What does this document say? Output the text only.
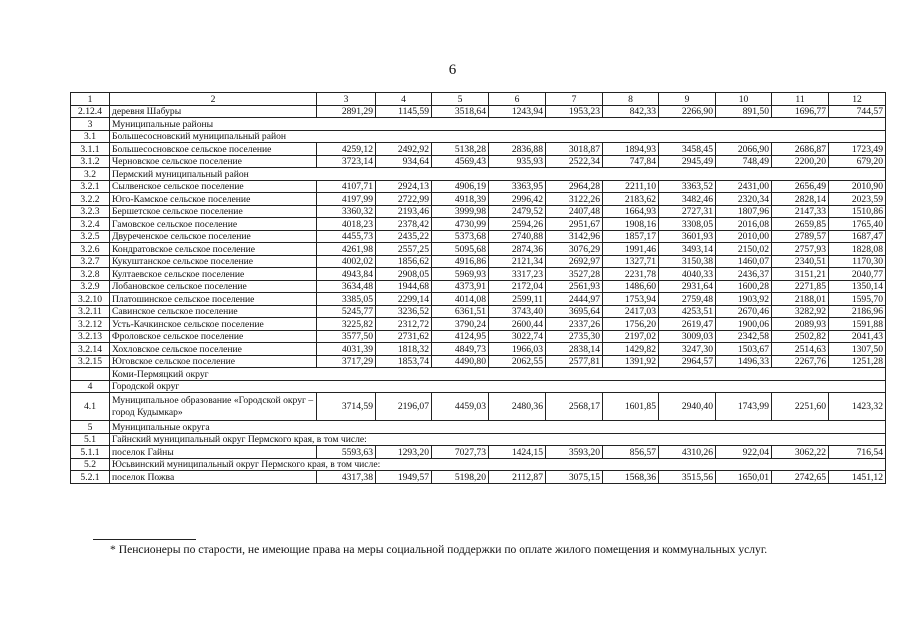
6
1	2	3	4	5	6	7	8	9	10	11	12
2.12.4	деревня Шабуры	2891,29	1145,59	3518,64	1243,94	1953,23	842,33	2266,90	891,50	1696,77	744,57
3	Муниципальные районы										
3.1	Большесосновский муниципальный район										
3.1.1	Большесосновское сельское поселение	4259,12	2492,92	5138,28	2836,88	3018,87	1894,93	3458,45	2066,90	2686,87	1723,49
3.1.2	Черновское сельское поселение	3723,14	934,64	4569,43	935,93	2522,34	747,84	2945,49	748,49	2200,20	679,20
3.2	Пермский муниципальный район										
3.2.1	Сылвенское сельское поселение	4107,71	2924,13	4906,19	3363,95	2964,28	2211,10	3363,52	2431,00	2656,49	2010,90
3.2.2	Юго-Камское сельское поселение	4197,99	2722,99	4918,39	2996,42	3122,26	2183,62	3482,46	2320,34	2828,14	2023,59
3.2.3	Бершетское сельское поселение	3360,32	2193,46	3999,98	2479,52	2407,48	1664,93	2727,31	1807,96	2147,33	1510,86
3.2.4	Гамовское сельское поселение	4018,23	2378,42	4730,99	2594,26	2951,67	1908,16	3308,05	2016,08	2659,85	1765,40
3.2.5	Двуреченское сельское поселение	4455,73	2435,22	5373,68	2740,88	3142,96	1857,17	3601,93	2010,00	2789,57	1687,47
3.2.6	Кондратовское сельское поселение	4261,98	2557,25	5095,68	2874,36	3076,29	1991,46	3493,14	2150,02	2757,93	1828,08
3.2.7	Кукуштанское сельское поселение	4002,02	1856,62	4916,86	2121,34	2692,97	1327,71	3150,38	1460,07	2340,51	1170,30
3.2.8	Култаевское сельское поселение	4943,84	2908,05	5969,93	3317,23	3527,28	2231,78	4040,33	2436,37	3151,21	2040,77
3.2.9	Лобановское сельское поселение	3634,48	1944,68	4373,91	2172,04	2561,93	1486,60	2931,64	1600,28	2271,85	1350,14
3.2.10	Платошинское сельское поселение	3385,05	2299,14	4014,08	2599,11	2444,97	1753,94	2759,48	1903,92	2188,01	1595,70
3.2.11	Савинское сельское поселение	5245,77	3236,52	6361,51	3743,40	3695,64	2417,03	4253,51	2670,46	3282,92	2186,96
3.2.12	Усть-Качкинское сельское поселение	3225,82	2312,72	3790,24	2600,44	2337,26	1756,20	2619,47	1900,06	2089,93	1591,88
3.2.13	Фроловское сельское поселение	3577,50	2731,62	4124,95	3022,74	2735,30	2197,02	3009,03	2342,58	2502,82	2041,43
3.2.14	Хохловское сельское поселение	4031,39	1818,32	4849,73	1966,03	2838,14	1429,82	3247,30	1503,67	2514,63	1307,50
3.2.15	Юговское сельское поселение	3717,29	1853,74	4490,80	2062,55	2577,81	1391,92	2964,57	1496,33	2267,76	1251,28
	Коми-Пермяцкий округ										
4	Городской округ										
4.1	Муниципальное образование «Городской округ – город Кудымкар»	3714,59	2196,07	4459,03	2480,36	2568,17	1601,85	2940,40	1743,99	2251,60	1423,32
5	Муниципальные округа										
5.1	Гайнский муниципальный округ Пермского края, в том числе:										
5.1.1	поселок Гайны	5593,63	1293,20	7027,73	1424,15	3593,20	856,57	4310,26	922,04	3062,22	716,54
5.2	Юсьвинский муниципальный округ Пермского края, в том числе:										
5.2.1	поселок Пожва	4317,38	1949,57	5198,20	2112,87	3075,15	1568,36	3515,56	1650,01	2742,65	1451,12
* Пенсионеры по старости, не имеющие права на меры социальной поддержки по оплате жилого помещения и коммунальных услуг.
